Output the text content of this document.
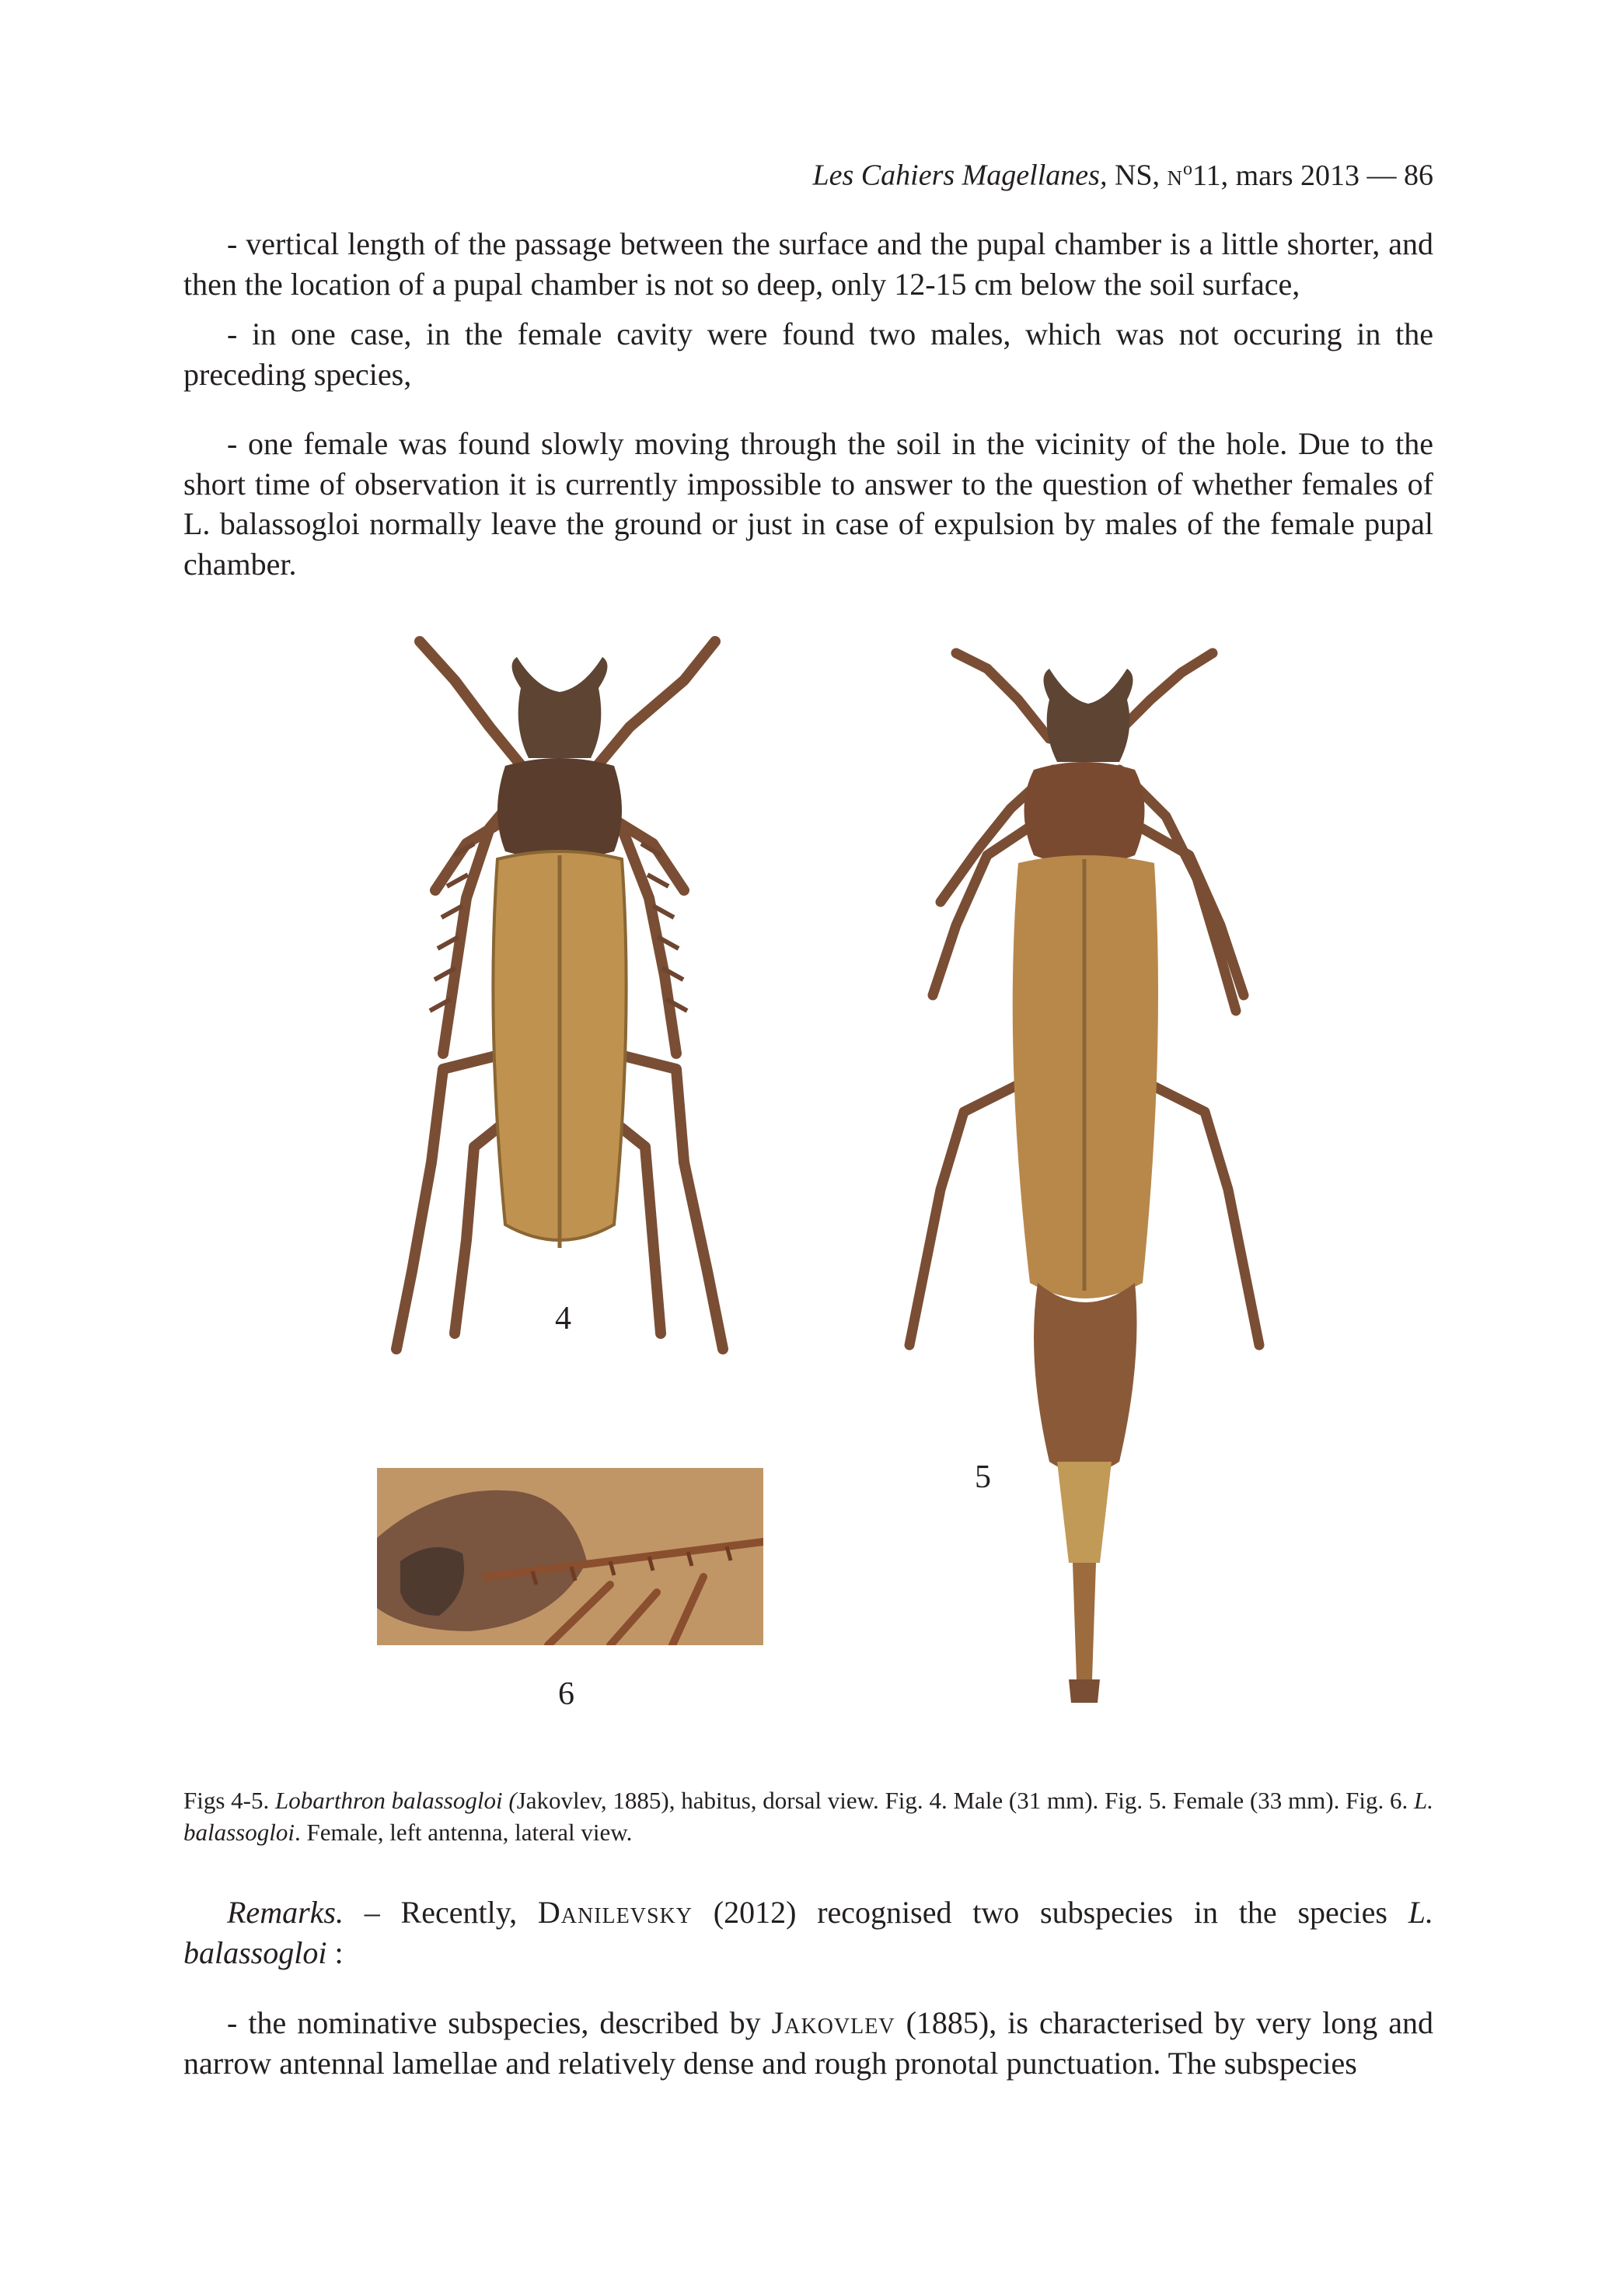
Les Cahiers Magellanes, NS, $n^o11$, mars 2013 — 86

- vertical length of the passage between the surface and the pupal chamber is a little shorter, and then the location of a pupal chamber is not so deep, only 12-15 cm below the soil surface,

- in one case, in the female cavity were found two males, which was not occuring in the preceding species,

- one female was found slowly moving through the soil in the vicinity of the hole. Due to the short time of observation it is currently impossible to answer to the question of whether females of L. balassogloi normally leave the ground or just in case of expulsion by males of the female pupal chamber.

4
5
6

Figs 4-5. Lobarthron balassogloi (Jakovlev, 1885), habitus, dorsal view. Fig. 4. Male (31 mm). Fig. 5. Female (33 mm). Fig. 6. L. balassogloi. Female, left antenna, lateral view.

Remarks. – Recently, Danilevsky (2012) recognised two subspecies in the species L. balassogloi :

- the nominative subspecies, described by Jakovlev (1885), is characterised by very long and narrow antennal lamellae and relatively dense and rough pronotal punctuation. The subspecies
